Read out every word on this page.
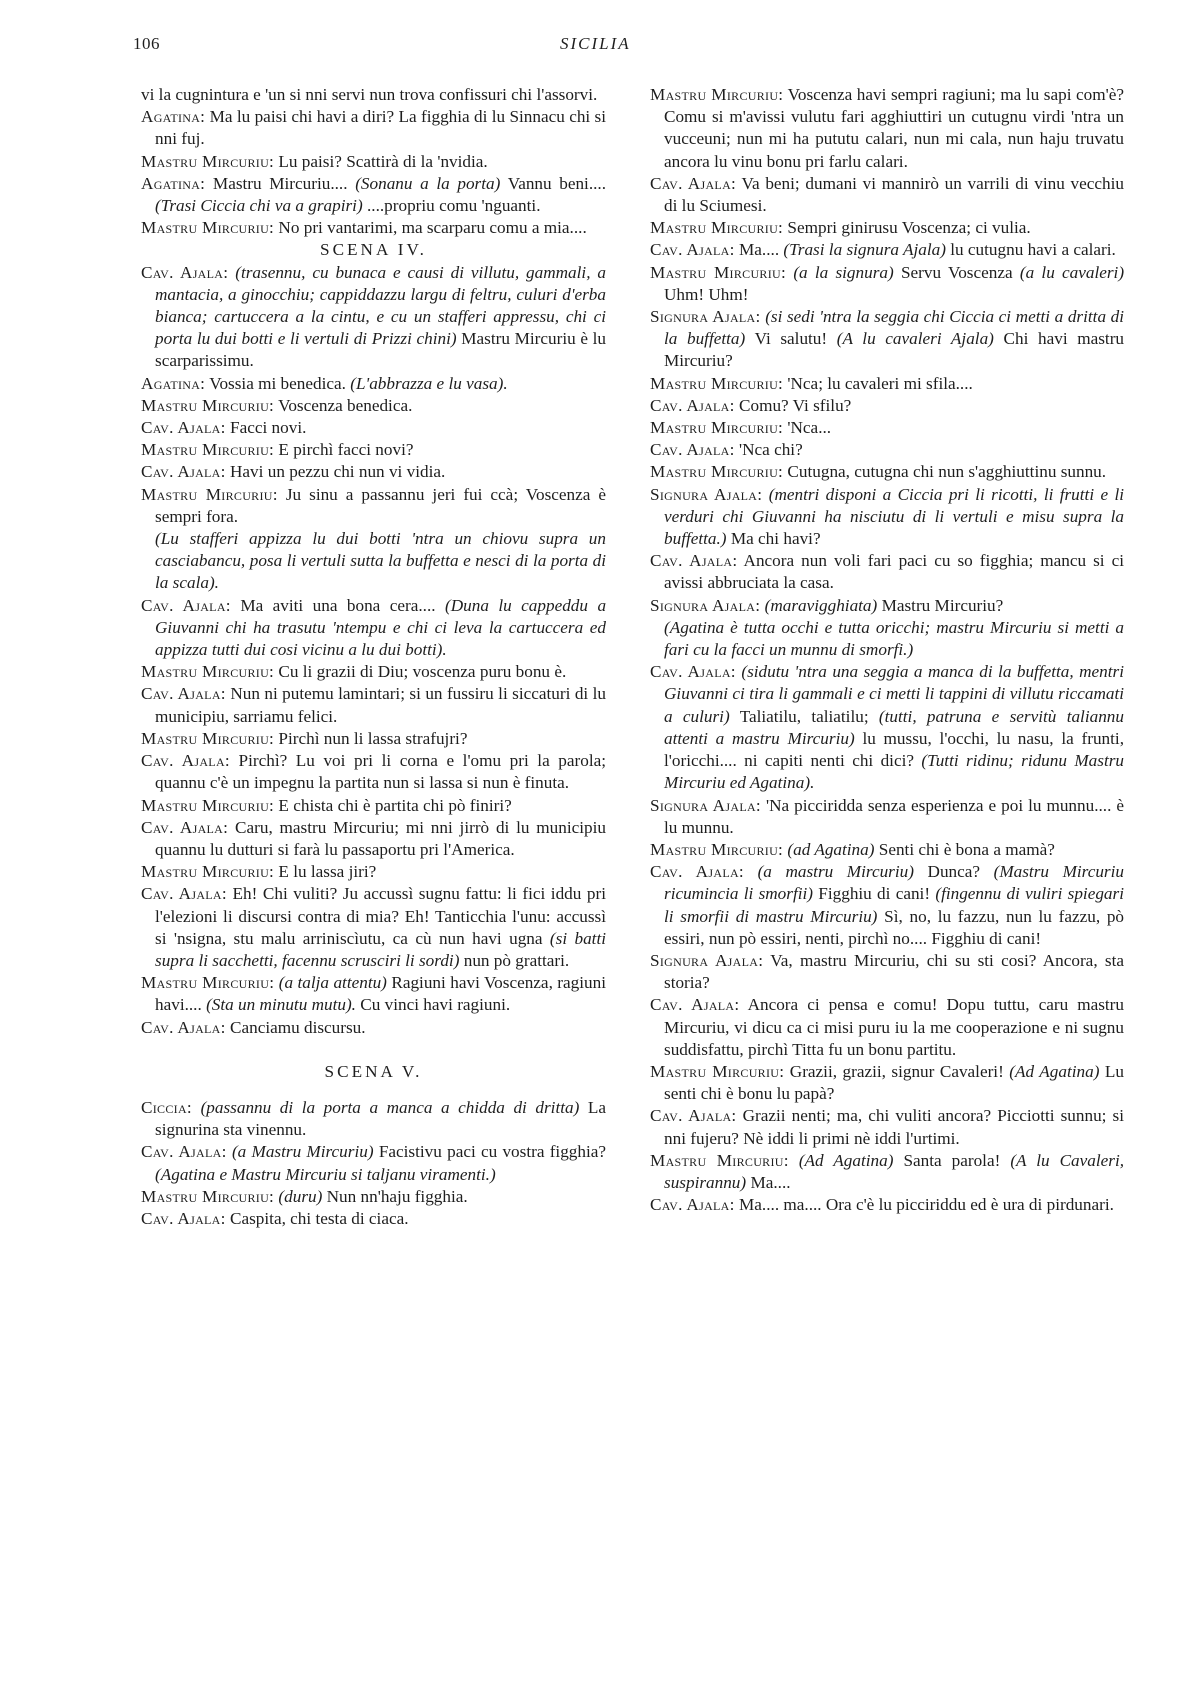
106	SICILIA

vi la cugnintura e 'un si nni servi nun trova confissuri chi l'assorvi.

Agatina: Ma lu paisi chi havi a diri? La figghia di lu Sinnacu chi si nni fuj.

Mastru Mircuriu: Lu paisi? Scattirà di la 'nvidia.

Agatina: Mastru Mircuriu.... (Sonanu a la porta) Vannu beni.... (Trasi Ciccia chi va a grapiri) ....propriu comu 'nguanti.

Mastru Mircuriu: No pri vantarimi, ma scarparu comu a mia....

SCENA IV.

Cav. Ajala: (trasennu, cu bunaca e causi di villutu, gammali, a mantacia, a ginocchiu; cappiddazzu largu di feltru, culuri d'erba bianca; cartuccera a la cintu, e cu un stafferi appressu, chi ci porta lu dui botti e li vertuli di Prizzi chini) Mastru Mircuriu è lu scarparissimu.

Agatina: Vossia mi benedica. (L'abbrazza e lu vasa).

Mastru Mircuriu: Voscenza benedica.

Cav. Ajala: Facci novi.

Mastru Mircuriu: E pirchì facci novi?

Cav. Ajala: Havi un pezzu chi nun vi vidia.

Mastru Mircuriu: Ju sinu a passannu jeri fui ccà; Voscenza è sempri fora.

(Lu stafferi appizza lu dui botti 'ntra un chiovu supra un casciabancu, posa li vertuli sutta la buffetta e nesci di la porta di la scala).

Cav. Ajala: Ma aviti una bona cera.... (Duna lu cappeddu a Giuvanni chi ha trasutu 'ntempu e chi ci leva la cartuccera ed appizza tutti dui cosi vicinu a lu dui botti).

Mastru Mircuriu: Cu li grazii di Diu; voscenza puru bonu è.

Cav. Ajala: Nun ni putemu lamintari; si un fussiru li siccaturi di lu municipiu, sarriamu felici.

Mastru Mircuriu: Pirchì nun li lassa strafujri?

Cav. Ajala: Pirchì? Lu voi pri li corna e l'omu pri la parola; quannu c'è un impegnu la partita nun si lassa si nun è finuta.

Mastru Mircuriu: E chista chi è partita chi pò finiri?

Cav. Ajala: Caru, mastru Mircuriu; mi nni jirrò di lu municipiu quannu lu dutturi si farà lu passaportu pri l'America.

Mastru Mircuriu: E lu lassa jiri?

Cav. Ajala: Eh! Chi vuliti? Ju accussì sugnu fattu: li fici iddu pri l'elezioni li discursi contra di mia? Eh! Tanticchia l'unu: accussì si 'nsigna, stu malu arriniscìutu, ca cù nun havi ugna (si batti supra li sacchetti, facennu scrusciri li sordi) nun pò grattari.

Mastru Mircuriu: (a talja attentu) Ragiuni havi Voscenza, ragiuni havi.... (Sta un minutu mutu). Cu vinci havi ragiuni.

Cav. Ajala: Canciamu discursu.

SCENA V.

Ciccia: (passannu di la porta a manca a chidda di dritta) La signurina sta vinennu.

Cav. Ajala: (a Mastru Mircuriu) Facistivu paci cu vostra figghia? (Agatina e Mastru Mircuriu si taljanu viramenti.)

Mastru Mircuriu: (duru) Nun nn'haju figghia.

Cav. Ajala: Caspita, chi testa di ciaca.

Mastru Mircuriu: Voscenza havi sempri ragiuni; ma lu sapi com'è? Comu si m'avissi vulutu fari agghiuttiri un cutugnu virdi 'ntra un vucceuni; nun mi ha pututu calari, nun mi cala, nun haju truvatu ancora lu vinu bonu pri farlu calari.

Cav. Ajala: Va beni; dumani vi mannirò un varrili di vinu vecchiu di lu Sciumesi.

Mastru Mircuriu: Sempri ginirusu Voscenza; ci vulia.

Cav. Ajala: Ma.... (Trasi la signura Ajala) lu cutugnu havi a calari.

Mastru Mircuriu: (a la signura) Servu Voscenza (a lu cavaleri) Uhm! Uhm!

Signura Ajala: (si sedi 'ntra la seggia chi Ciccia ci metti a dritta di la buffetta) Vi salutu! (A lu cavaleri Ajala) Chi havi mastru Mircuriu?

Mastru Mircuriu: 'Nca; lu cavaleri mi sfila....

Cav. Ajala: Comu? Vi sfilu?

Mastru Mircuriu: 'Nca...

Cav. Ajala: 'Nca chi?

Mastru Mircuriu: Cutugna, cutugna chi nun s'agghiuttinu sunnu.

Signura Ajala: (mentri disponi a Ciccia pri li ricotti, li frutti e li verduri chi Giuvanni ha nisciutu di li vertuli e misu supra la buffetta.) Ma chi havi?

Cav. Ajala: Ancora nun voli fari paci cu so figghia; mancu si ci avissi abbruciata la casa.

Signura Ajala: (maravigghiata) Mastru Mircuriu?

(Agatina è tutta occhi e tutta oricchi; mastru Mircuriu si metti a fari cu la facci un munnu di smorfi.)

Cav. Ajala: (sidutu 'ntra una seggia a manca di la buffetta, mentri Giuvanni ci tira li gammali e ci metti li tappini di villutu riccamati a culuri) Taliatilu, taliatilu; (tutti, patruna e servitù taliannu attenti a mastru Mircuriu) lu mussu, l'occhi, lu nasu, la frunti, l'oricchi.... ni capiti nenti chi dici? (Tutti ridinu; ridunu Mastru Mircuriu ed Agatina).

Signura Ajala: 'Na picciridda senza esperienza e poi lu munnu.... è lu munnu.

Mastru Mircuriu: (ad Agatina) Senti chi è bona a mamà?

Cav. Ajala: (a mastru Mircuriu) Dunca? (Mastru Mircuriu ricumincia li smorfii) Figghiu di cani! (fingennu di vuliri spiegari li smorfii di mastru Mircuriu) Sì, no, lu fazzu, nun lu fazzu, pò essiri, nun pò essiri, nenti, pirchì no.... Figghiu di cani!

Signura Ajala: Va, mastru Mircuriu, chi su sti cosi? Ancora, sta storia?

Cav. Ajala: Ancora ci pensa e comu! Dopu tuttu, caru mastru Mircuriu, vi dicu ca ci misi puru iu la me cooperazione e ni sugnu suddisfattu, pirchì Titta fu un bonu partitu.

Mastru Mircuriu: Grazii, grazii, signur Cavaleri! (Ad Agatina) Lu senti chi è bonu lu papà?

Cav. Ajala: Grazii nenti; ma, chi vuliti ancora? Picciotti sunnu; si nni fujeru? Nè iddi li primi nè iddi l'urtimi.

Mastru Mircuriu: (Ad Agatina) Santa parola! (A lu Cavaleri, suspirannu) Ma....

Cav. Ajala: Ma.... ma.... Ora c'è lu picciriddu ed è ura di pirdunari.
